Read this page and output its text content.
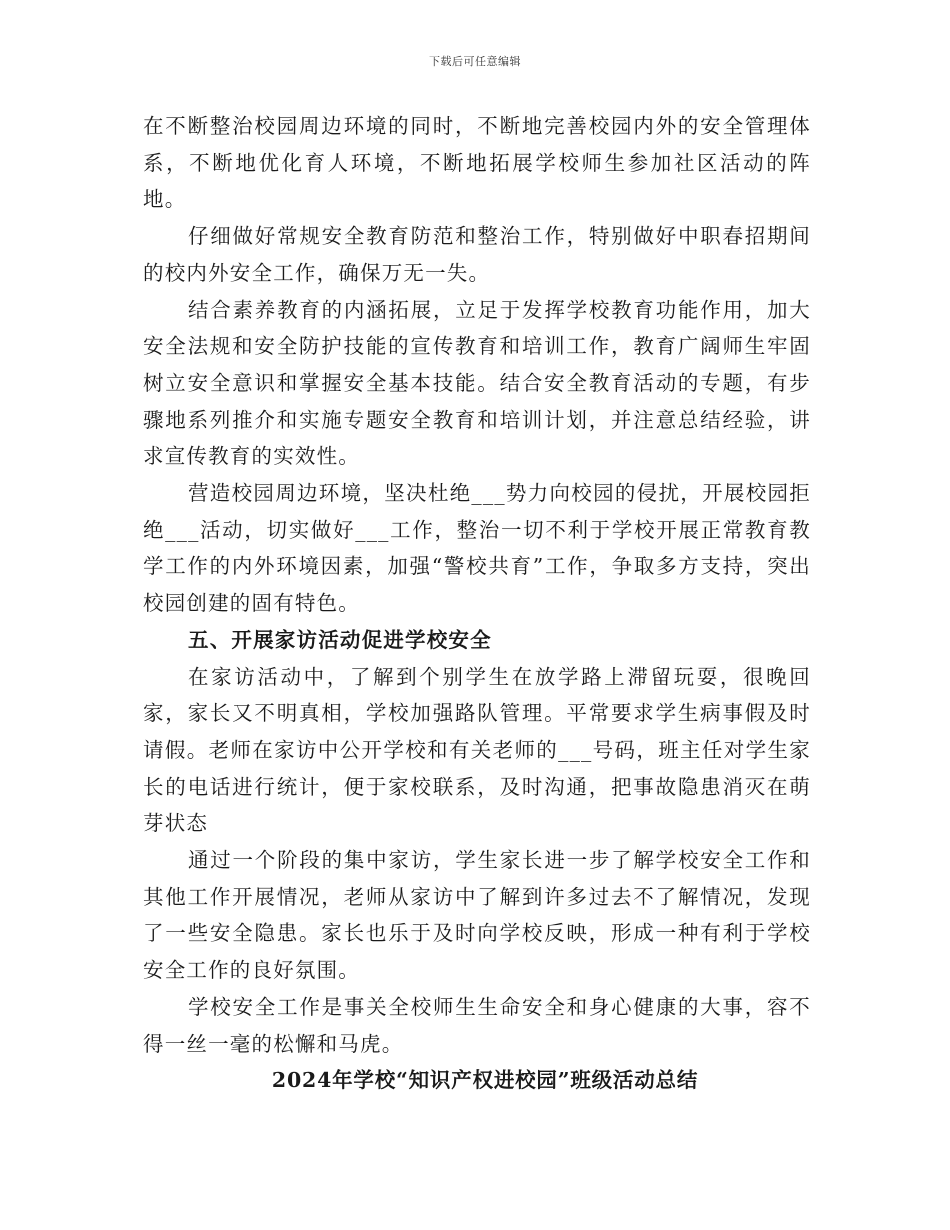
下载后可任意编辑

在不断整治校园周边环境的同时，不断地完善校园内外的安全管理体系，不断地优化育人环境，不断地拓展学校师生参加社区活动的阵地。

仔细做好常规安全教育防范和整治工作，特别做好中职春招期间的校内外安全工作，确保万无一失。

结合素养教育的内涵拓展，立足于发挥学校教育功能作用，加大安全法规和安全防护技能的宣传教育和培训工作，教育广阔师生牢固树立安全意识和掌握安全基本技能。结合安全教育活动的专题，有步骤地系列推介和实施专题安全教育和培训计划，并注意总结经验，讲求宣传教育的实效性。

营造校园周边环境，坚决杜绝___势力向校园的侵扰，开展校园拒绝___活动，切实做好___工作，整治一切不利于学校开展正常教育教学工作的内外环境因素，加强“警校共育”工作，争取多方支持，突出校园创建的固有特色。

五、开展家访活动促进学校安全

在家访活动中，了解到个别学生在放学路上滞留玩耍，很晚回家，家长又不明真相，学校加强路队管理。平常要求学生病事假及时请假。老师在家访中公开学校和有关老师的___号码，班主任对学生家长的电话进行统计，便于家校联系，及时沟通，把事故隐患消灭在萌芽状态

通过一个阶段的集中家访，学生家长进一步了解学校安全工作和其他工作开展情况，老师从家访中了解到许多过去不了解情况，发现了一些安全隐患。家长也乐于及时向学校反映，形成一种有利于学校安全工作的良好氛围。

学校安全工作是事关全校师生生命安全和身心健康的大事，容不得一丝一毫的松懈和马虎。

2024年学校“知识产权进校园”班级活动总结
